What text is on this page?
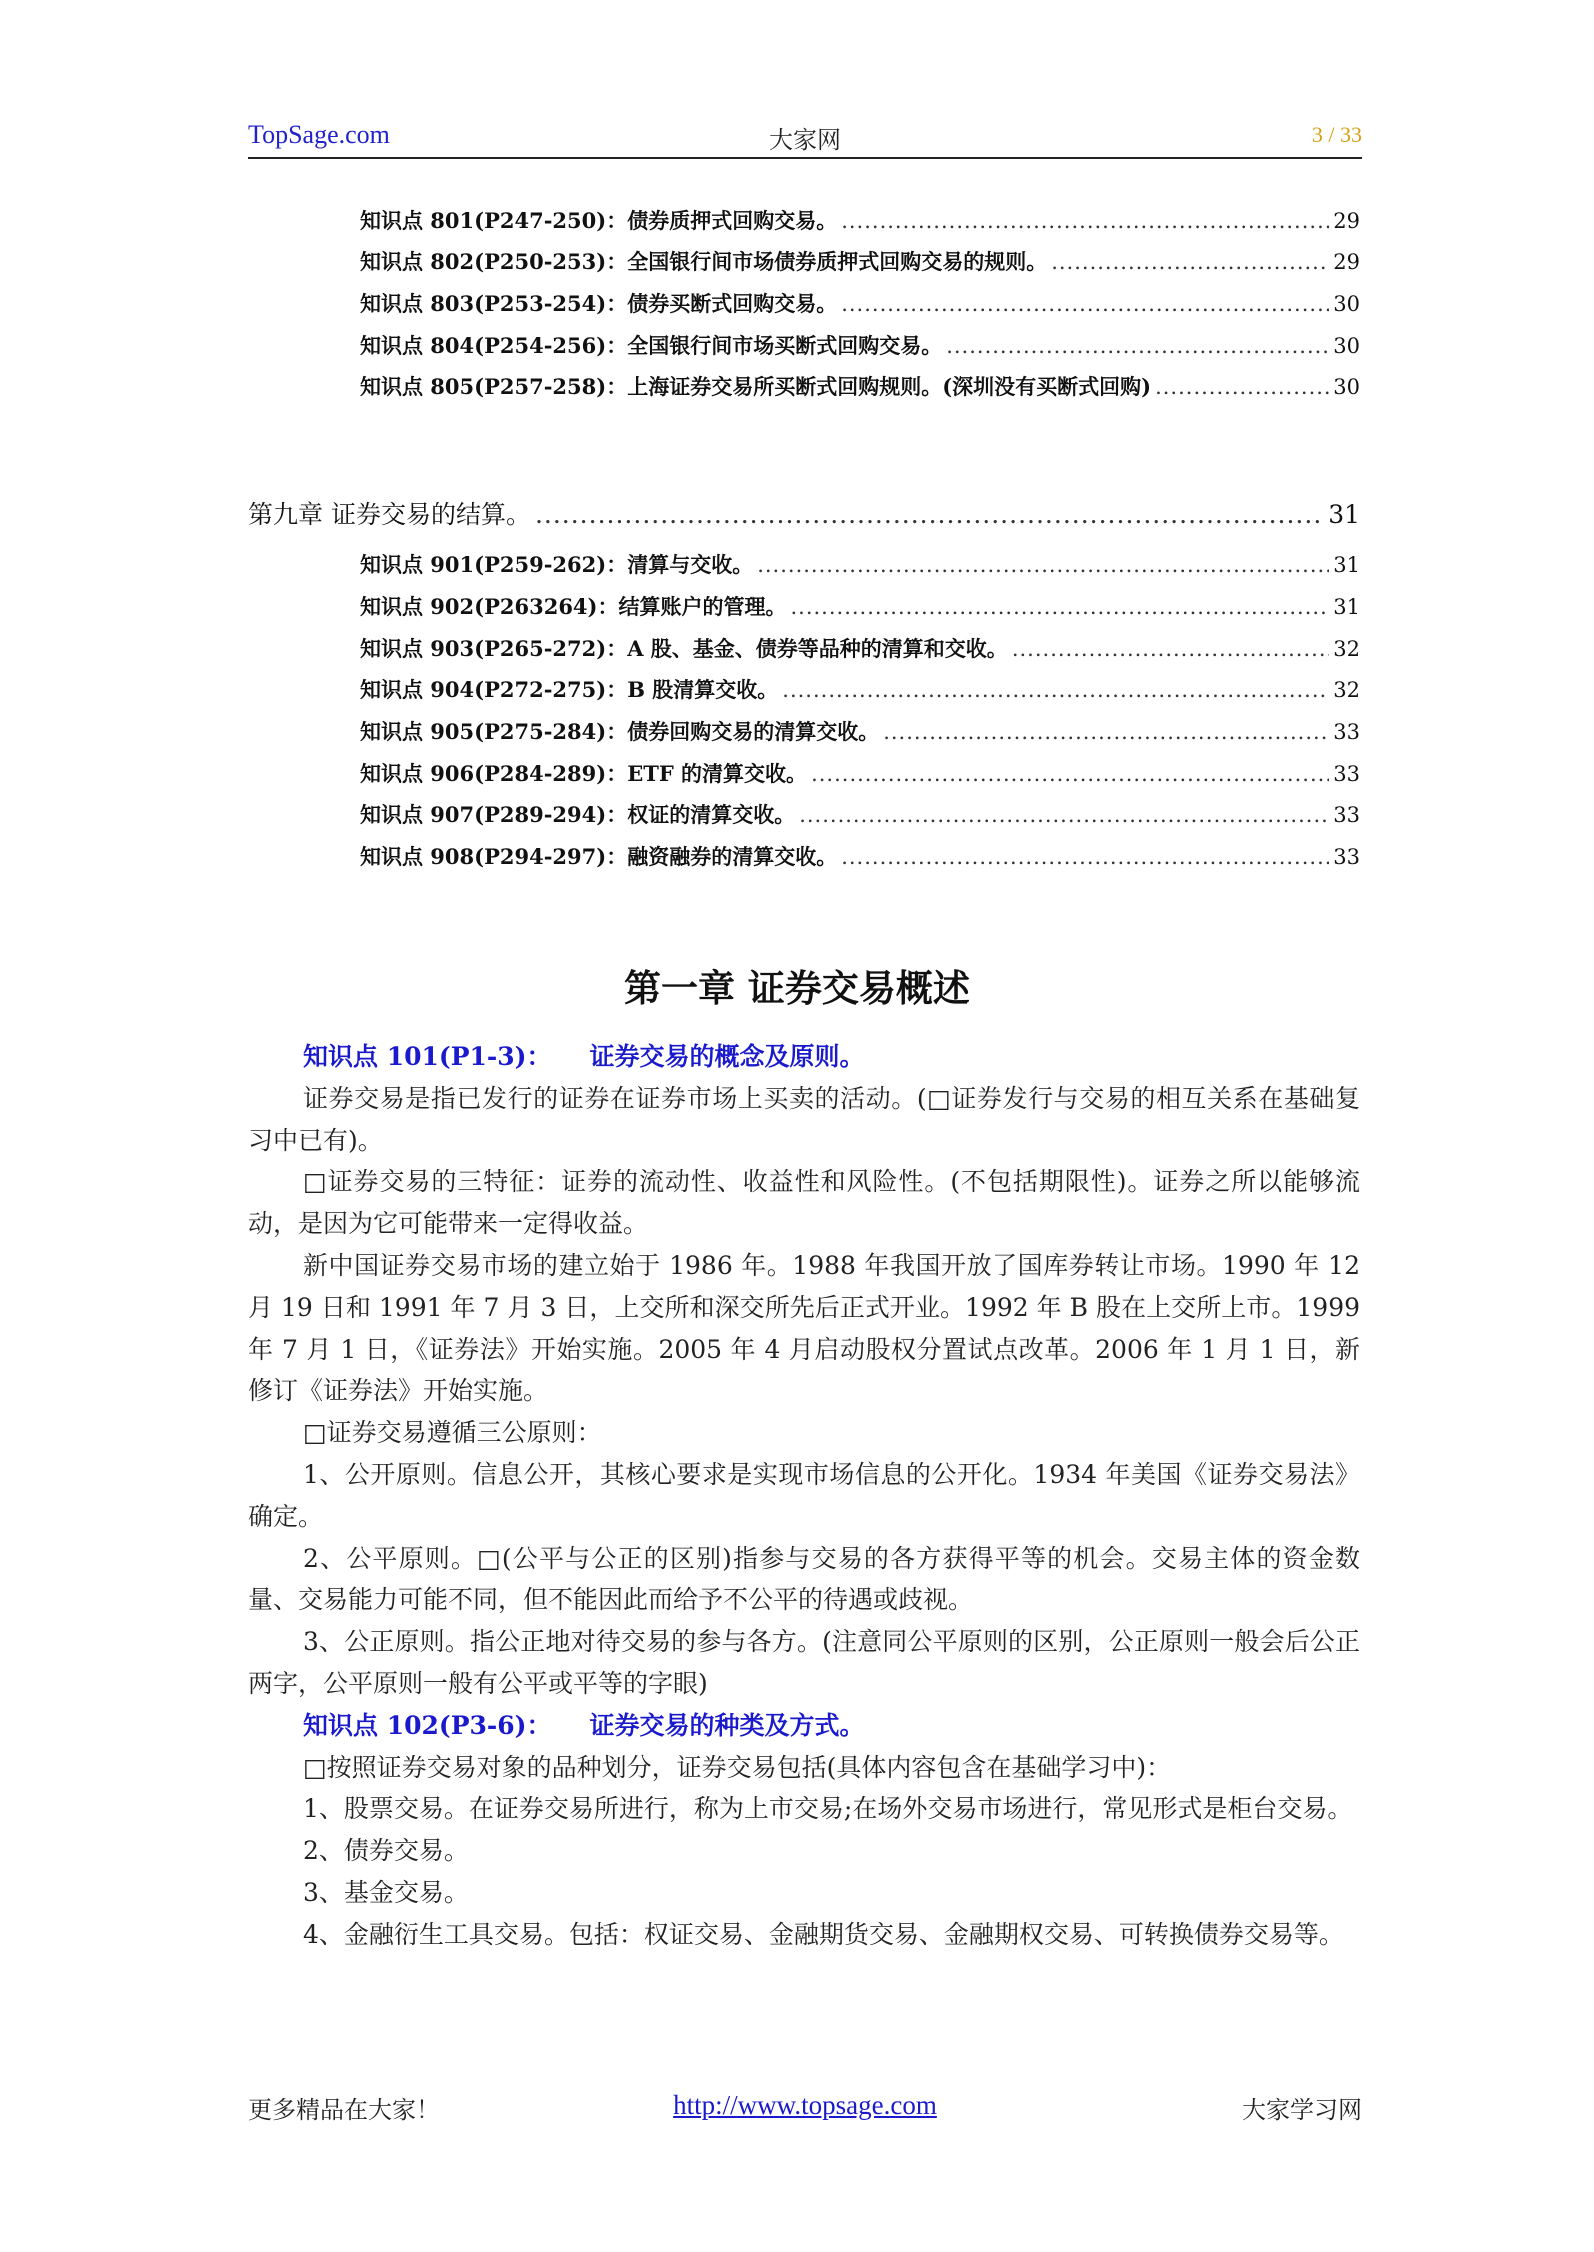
TopSage.com	大家网	3 / 33
知识点 801(P247-250)：债券质押式回购交易。 .....	29
知识点 802(P250-253)：全国银行间市场债券质押式回购交易的规则。 .....	29
知识点 803(P253-254)：债券买断式回购交易。 .....	30
知识点 804(P254-256)：全国银行间市场买断式回购交易。 .....	30
知识点 805(P257-258)：上海证券交易所买断式回购规则。(深圳没有买断式回购) .....	30
第九章 证券交易的结算。 .....	31
知识点 901(P259-262)：清算与交收。 .....	31
知识点 902(P263264)：结算账户的管理。 .....	31
知识点 903(P265-272)：A 股、基金、债券等品种的清算和交收。 .....	32
知识点 904(P272-275)：B 股清算交收。 .....	32
知识点 905(P275-284)：债券回购交易的清算交收。 .....	33
知识点 906(P284-289)：ETF 的清算交收。 .....	33
知识点 907(P289-294)：权证的清算交收。 .....	33
知识点 908(P294-297)：融资融券的清算交收。 .....	33
第一章 证券交易概述

知识点 101(P1-3)： 证券交易的概念及原则。

证券交易是指已发行的证券在证券市场上买卖的活动。(□证券发行与交易的相互关系在基础复习中已有)。

□证券交易的三特征：证券的流动性、收益性和风险性。(不包括期限性)。证券之所以能够流动，是因为它可能带来一定得收益。

新中国证券交易市场的建立始于 1986 年。1988 年我国开放了国库券转让市场。1990 年 12 月 19 日和 1991 年 7 月 3 日，上交所和深交所先后正式开业。1992 年 B 股在上交所上市。1999 年 7 月 1 日，《证券法》开始实施。2005 年 4 月启动股权分置试点改革。2006 年 1 月 1 日，新修订《证券法》开始实施。

□证券交易遵循三公原则：

1、公开原则。信息公开，其核心要求是实现市场信息的公开化。1934 年美国《证券交易法》确定。

2、公平原则。□(公平与公正的区别)指参与交易的各方获得平等的机会。交易主体的资金数量、交易能力可能不同，但不能因此而给予不公平的待遇或歧视。

3、公正原则。指公正地对待交易的参与各方。(注意同公平原则的区别，公正原则一般会后公正两字，公平原则一般有公平或平等的字眼)

知识点 102(P3-6)： 证券交易的种类及方式。

□按照证券交易对象的品种划分，证券交易包括(具体内容包含在基础学习中)：

1、股票交易。在证券交易所进行，称为上市交易;在场外交易市场进行，常见形式是柜台交易。

2、债券交易。

3、基金交易。

4、金融衍生工具交易。包括：权证交易、金融期货交易、金融期权交易、可转换债券交易等。

更多精品在大家！	http://www.topsage.com	大家学习网
